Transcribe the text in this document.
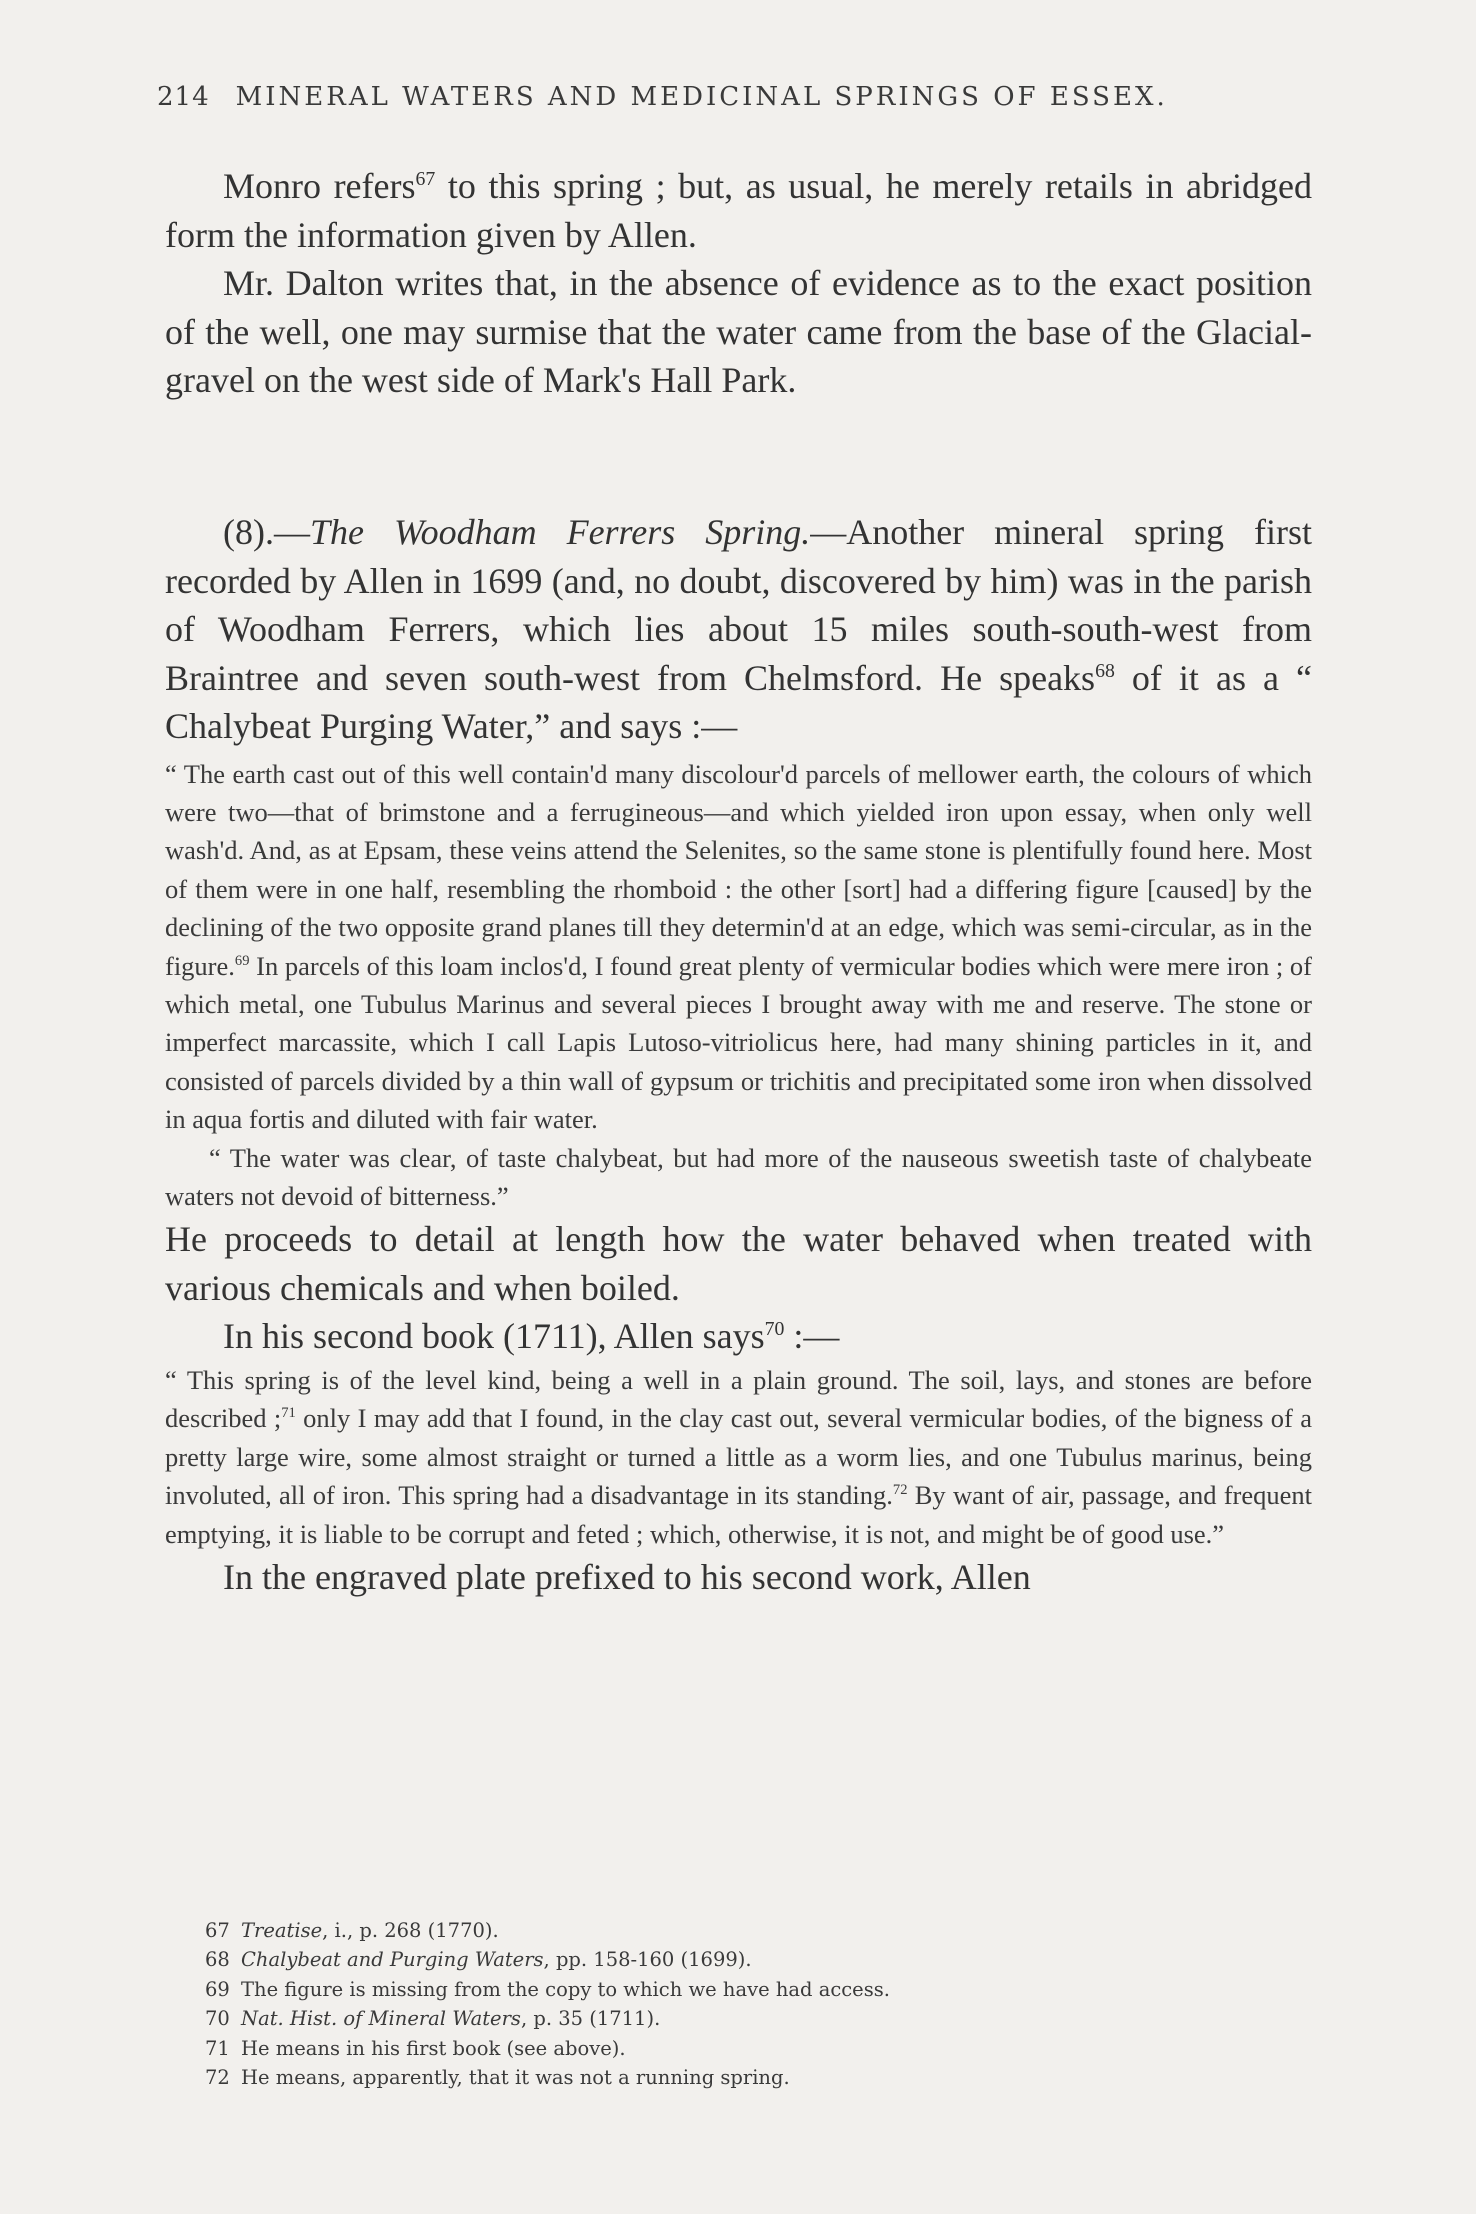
214 MINERAL WATERS AND MEDICINAL SPRINGS OF ESSEX.

Monro refers$^{67}$ to this spring ; but, as usual, he merely retails in abridged form the information given by Allen.

Mr. Dalton writes that, in the absence of evidence as to the exact position of the well, one may surmise that the water came from the base of the Glacial-gravel on the west side of Mark's Hall Park.

(8).—The Woodham Ferrers Spring.—Another mineral spring first recorded by Allen in 1699 (and, no doubt, discovered by him) was in the parish of Woodham Ferrers, which lies about 15 miles south-south-west from Braintree and seven south-west from Chelmsford. He speaks$^{68}$ of it as a “ Chalybeat Purging Water,” and says :—

“ The earth cast out of this well contain'd many discolour'd parcels of mellower earth, the colours of which were two—that of brimstone and a ferruginеous—and which yielded iron upon essay, when only well wash'd. And, as at Epsam, these veins attend the Selenites, so the same stone is plentifully found here. Most of them were in one half, resembling the rhomboid : the other [sort] had a differing figure [caused] by the declining of the two opposite grand planes till they determin'd at an edge, which was semi-circular, as in the figure.$^{69}$ In parcels of this loam inclos'd, I found great plenty of vermicular bodies which were mere iron ; of which metal, one Tubulus Marinus and several pieces I brought away with me and reserve. The stone or imperfect marcassite, which I call Lapis Lutoso-vitriolicus here, had many shining particles in it, and consisted of parcels divided by a thin wall of gypsum or trichitis and precipitated some iron when dissolved in aqua fortis and diluted with fair water.

“ The water was clear, of taste chalybeat, but had more of the nauseous sweetish taste of chalybeate waters not devoid of bitterness.”

He proceeds to detail at length how the water behaved when treated with various chemicals and when boiled.

In his second book (1711), Allen says$^{70}$ :—

“ This spring is of the level kind, being a well in a plain ground. The soil, lays, and stones are before described ;$^{71}$ only I may add that I found, in the clay cast out, several vermicular bodies, of the bigness of a pretty large wire, some almost straight or turned a little as a worm lies, and one Tubulus marinus, being involuted, all of iron. This spring had a disadvantage in its standing.$^{72}$ By want of air, passage, and frequent emptying, it is liable to be corrupt and feted ; which, otherwise, it is not, and might be of good use.”

In the engraved plate prefixed to his second work, Allen

67 Treatise, i., p. 268 (1770).
68 Chalybeat and Purging Waters, pp. 158-160 (1699).
69 The figure is missing from the copy to which we have had access.
70 Nat. Hist. of Mineral Waters, p. 35 (1711).
71 He means in his first book (see above).
72 He means, apparently, that it was not a running spring.
